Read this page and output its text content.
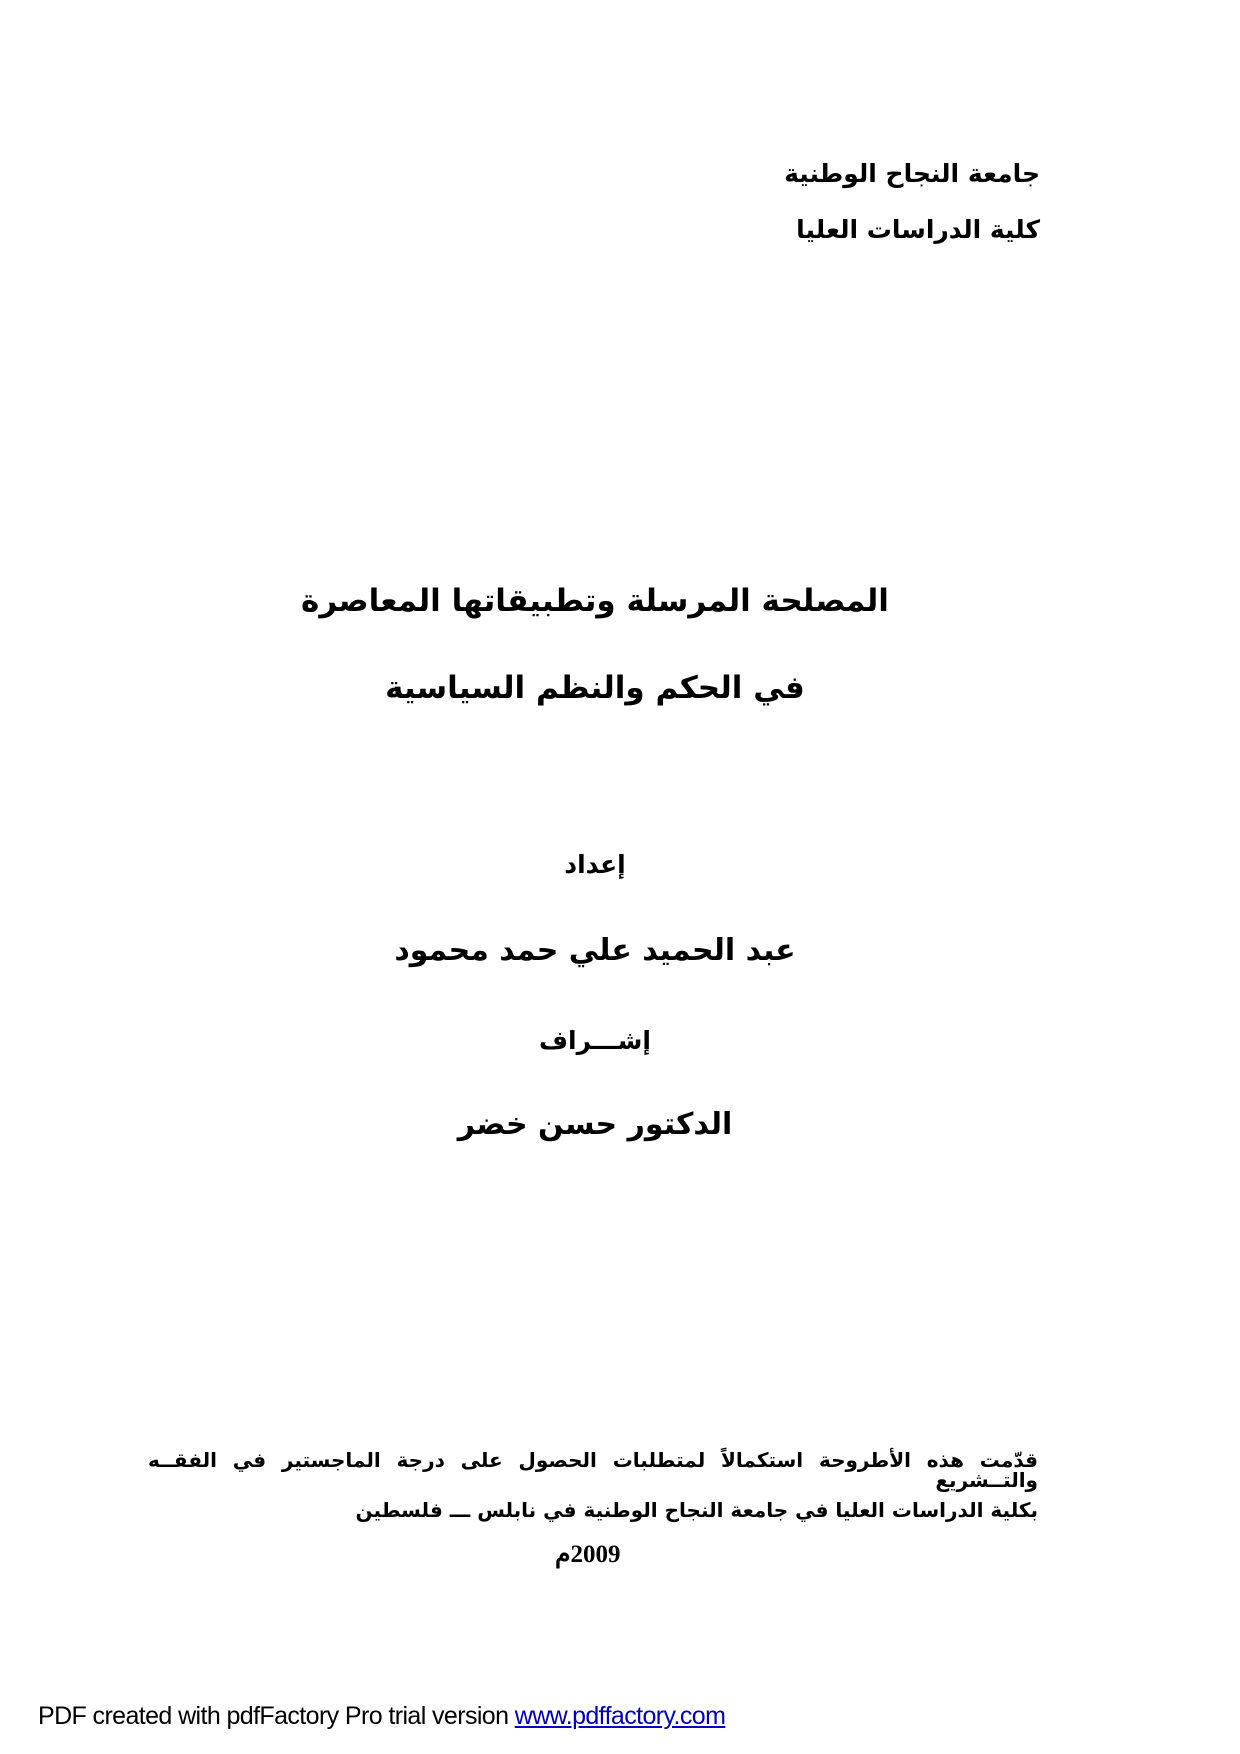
جامعة النجاح الوطنية
كلية الدراسات العليا
المصلحة المرسلة وتطبيقاتها المعاصرة
في الحكم والنظم السياسية
إعداد
عبد الحميد علي حمد محمود
إشـــراف
الدكتور حسن خضر
قدّمت هذه الأطروحة استكمالاً لمتطلبات الحصول على درجة الماجستير في الفقــه والتــشريع
بكلية الدراسات العليا في جامعة النجاح الوطنية في نابلس ـــ فلسطين
2009م
PDF created with pdfFactory Pro trial version www.pdffactory.com
